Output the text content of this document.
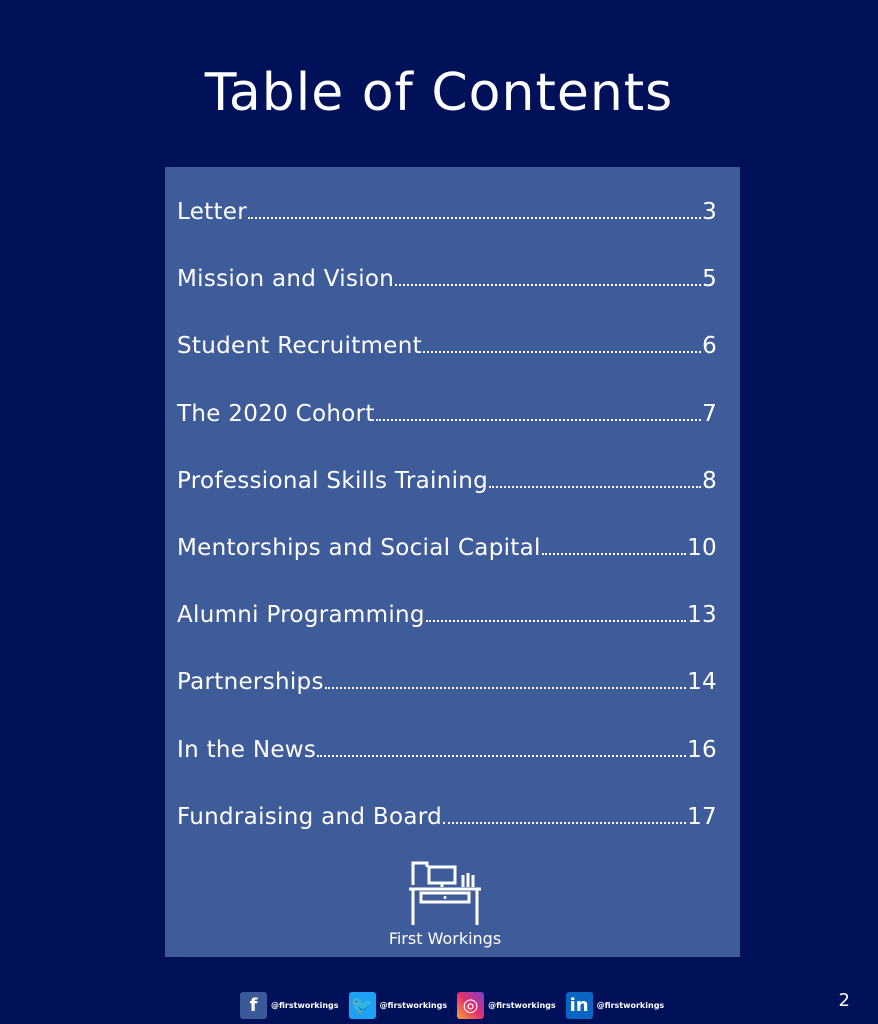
Table of Contents
Letter	3
Mission and Vision	5
Student Recruitment	6
The 2020 Cohort	7
Professional Skills Training	8
Mentorships and Social Capital	10
Alumni Programming	13
Partnerships	14
In the News	16
Fundraising and Board	17
First Workings
f	@firstworkings 🐦 @firstworkings ◎	@firstworkings in	@firstworkings	2
